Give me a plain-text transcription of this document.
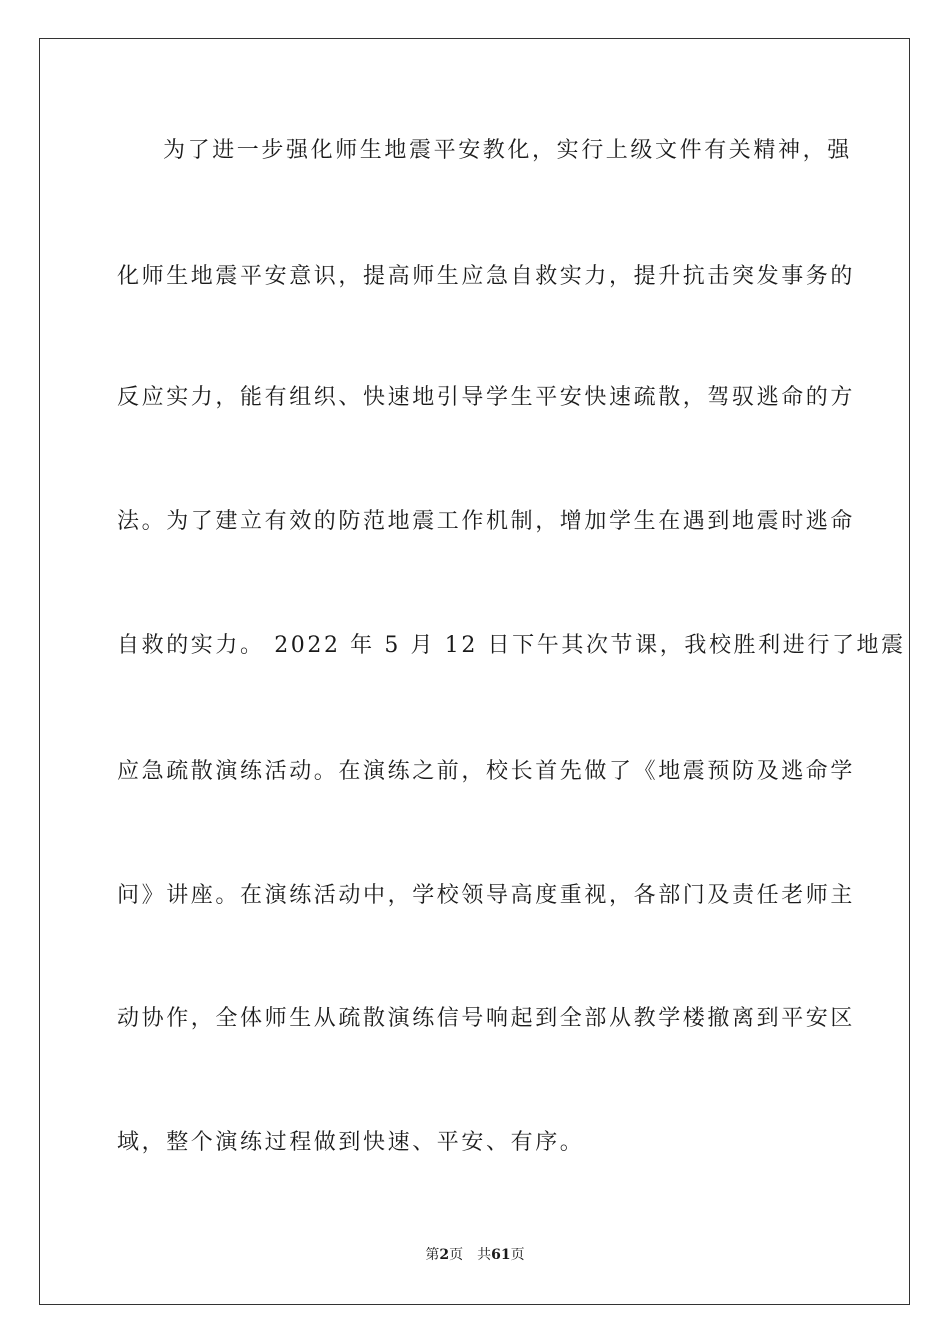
为了进一步强化师生地震平安教化，实行上级文件有关精神，强
化师生地震平安意识，提高师生应急自救实力，提升抗击突发事务的
反应实力，能有组织、快速地引导学生平安快速疏散，驾驭逃命的方
法。为了建立有效的防范地震工作机制，增加学生在遇到地震时逃命
自救的实力。 2022 年 5 月 12 日下午其次节课，我校胜利进行了地震
应急疏散演练活动。在演练之前，校长首先做了《地震预防及逃命学
问》讲座。在演练活动中，学校领导高度重视，各部门及责任老师主
动协作，全体师生从疏散演练信号响起到全部从教学楼撤离到平安区
域，整个演练过程做到快速、平安、有序。
第2页 共61页
